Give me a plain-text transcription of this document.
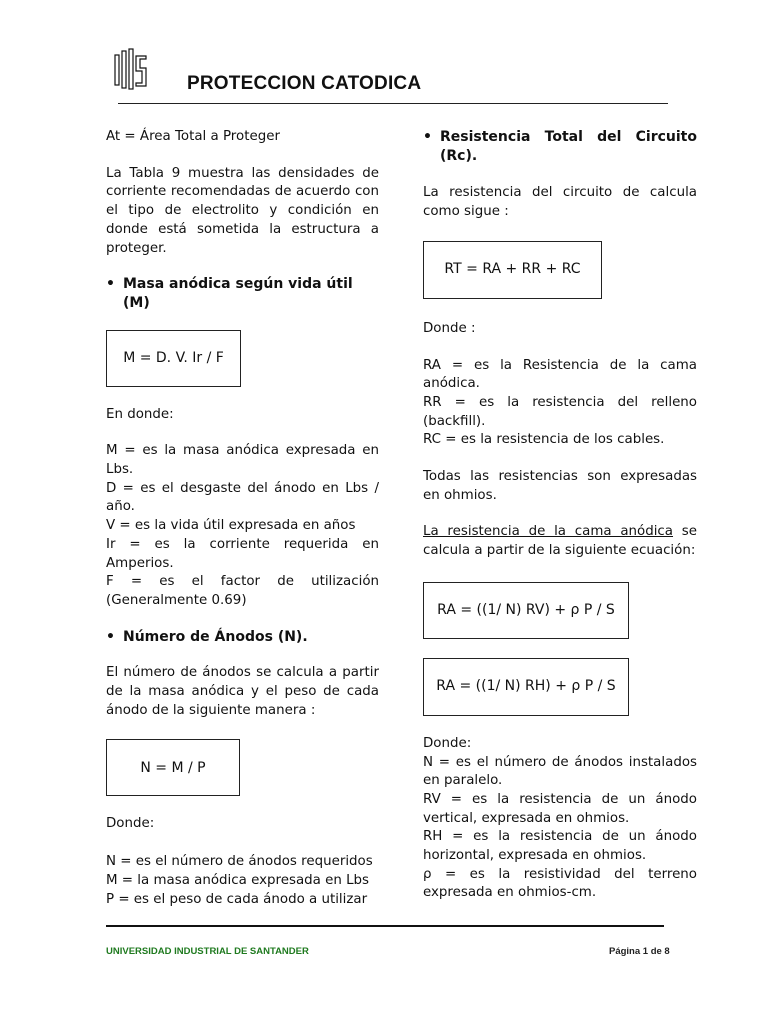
PROTECCION CATODICA
At = Área Total a Proteger
La Tabla 9 muestra las densidades de corriente recomendadas de acuerdo con el tipo de electrolito y condición en donde está sometida la estructura a proteger.
• Masa anódica según vida útil (M)
M = D. V. Ir / F
En donde:
M = es la masa anódica expresada en Lbs.
D = es el desgaste del ánodo en Lbs / año.
V = es la vida útil expresada en años
Ir = es la corriente requerida en Amperios.
F = es el factor de utilización (Generalmente 0.69)
• Número de Ánodos (N).
El número de ánodos se calcula a partir de la masa anódica y el peso de cada ánodo de la siguiente manera :
N = M / P
Donde:
N = es el número de ánodos requeridos
M = la masa anódica expresada en Lbs
P = es el peso de cada ánodo a utilizar
• Resistencia Total del Circuito (Rc).
La resistencia del circuito de calcula como sigue :
RT = RA + RR + RC
Donde :
RA = es la Resistencia de la cama anódica.
RR = es la resistencia del relleno (backfill).
RC = es la resistencia de los cables.
Todas las resistencias son expresadas en ohmios.
La resistencia de la cama anódica se calcula a partir de la siguiente ecuación:
RA = ((1/ N) RV) + ρ P / S
RA = ((1/ N) RH) + ρ P / S
Donde:
N = es el número de ánodos instalados en paralelo.
RV = es la resistencia de un ánodo vertical, expresada en ohmios.
RH = es la resistencia de un ánodo horizontal, expresada en ohmios.
ρ = es la resistividad del terreno expresada en ohmios-cm.
UNIVERSIDAD INDUSTRIAL DE SANTANDER	Página 1 de 8
